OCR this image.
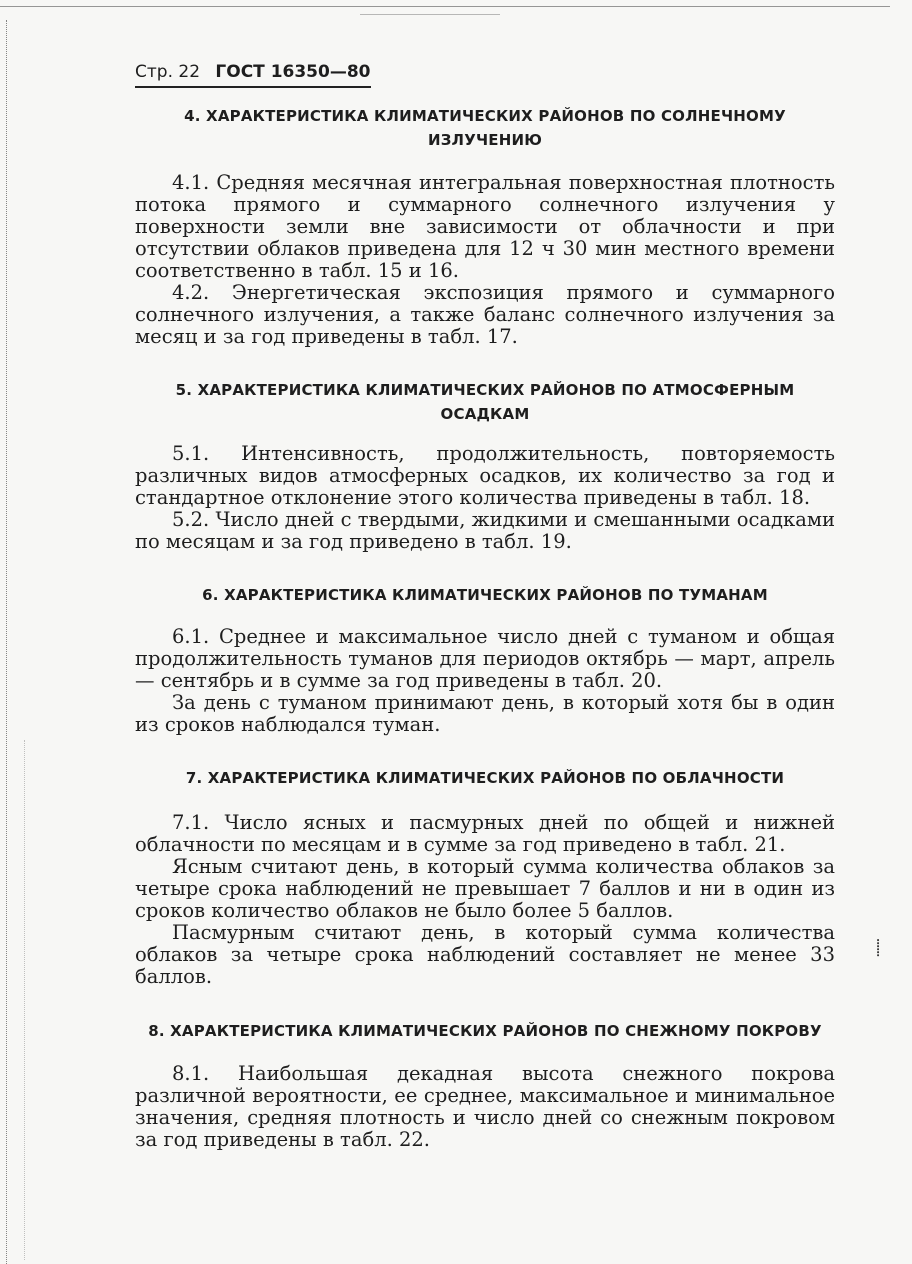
Стр. 22 ГОСТ 16350—80
4. ХАРАКТЕРИСТИКА КЛИМАТИЧЕСКИХ РАЙОНОВ ПО СОЛНЕЧНОМУ ИЗЛУЧЕНИЮ

4.1. Средняя месячная интегральная поверхностная плотность потока прямого и суммарного солнечного излучения у поверхности земли вне зависимости от облачности и при отсутствии облаков приведена для 12 ч 30 мин местного времени соответственно в табл. 15 и 16.

4.2. Энергетическая экспозиция прямого и суммарного солнечного излучения, а также баланс солнечного излучения за месяц и за год приведены в табл. 17.

5. ХАРАКТЕРИСТИКА КЛИМАТИЧЕСКИХ РАЙОНОВ ПО АТМОСФЕРНЫМ ОСАДКАМ

5.1. Интенсивность, продолжительность, повторяемость различных видов атмосферных осадков, их количество за год и стандартное отклонение этого количества приведены в табл. 18.

5.2. Число дней с твердыми, жидкими и смешанными осадками по месяцам и за год приведено в табл. 19.

6. ХАРАКТЕРИСТИКА КЛИМАТИЧЕСКИХ РАЙОНОВ ПО ТУМАНАМ

6.1. Среднее и максимальное число дней с туманом и общая продолжительность туманов для периодов октябрь — март, апрель — сентябрь и в сумме за год приведены в табл. 20.

За день с туманом принимают день, в который хотя бы в один из сроков наблюдался туман.

7. ХАРАКТЕРИСТИКА КЛИМАТИЧЕСКИХ РАЙОНОВ ПО ОБЛАЧНОСТИ

7.1. Число ясных и пасмурных дней по общей и нижней облачности по месяцам и в сумме за год приведено в табл. 21.

Ясным считают день, в который сумма количества облаков за четыре срока наблюдений не превышает 7 баллов и ни в один из сроков количество облаков не было более 5 баллов.

Пасмурным считают день, в который сумма количества облаков за четыре срока наблюдений составляет не менее 33 баллов.

8. ХАРАКТЕРИСТИКА КЛИМАТИЧЕСКИХ РАЙОНОВ ПО СНЕЖНОМУ ПОКРОВУ

8.1. Наибольшая декадная высота снежного покрова различной вероятности, ее среднее, максимальное и минимальное значения, средняя плотность и число дней со снежным покровом за год приведены в табл. 22.

⸽
